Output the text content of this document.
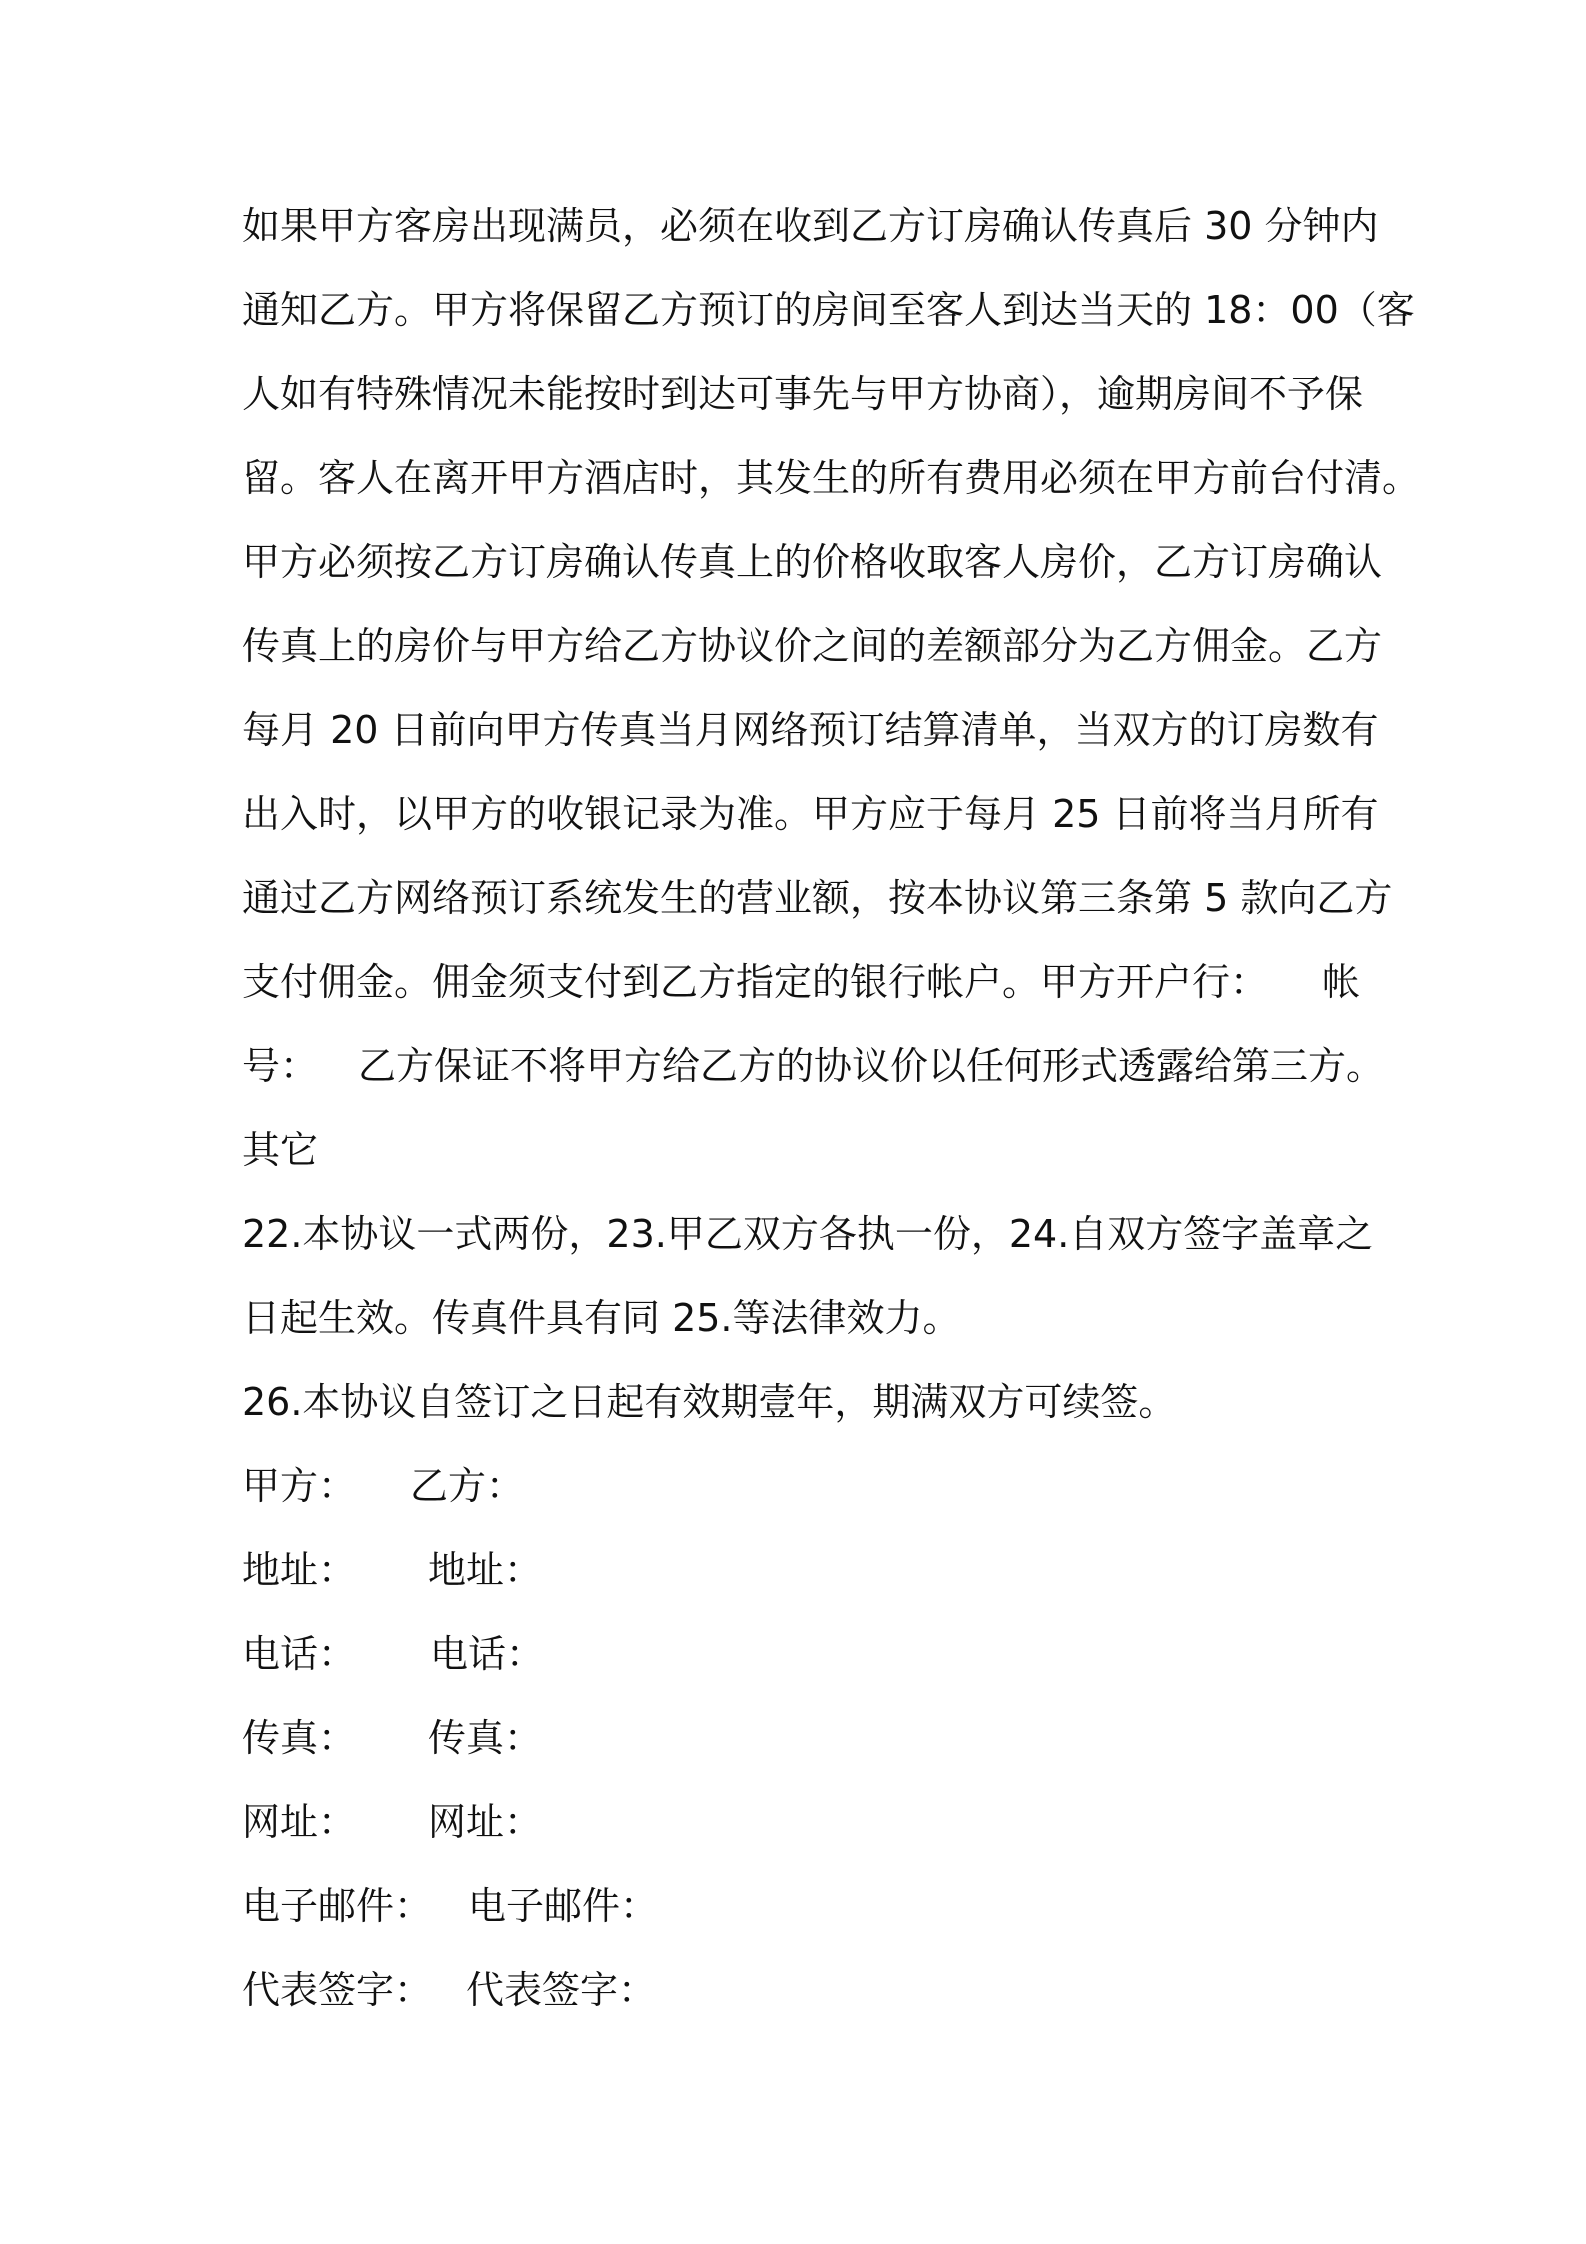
如果甲方客房出现满员，必须在收到乙方订房确认传真后 30 分钟内
通知乙方。甲方将保留乙方预订的房间至客人到达当天的 18：00（客
人如有特殊情况未能按时到达可事先与甲方协商），逾期房间不予保
留。客人在离开甲方酒店时，其发生的所有费用必须在甲方前台付清。
甲方必须按乙方订房确认传真上的价格收取客人房价，乙方订房确认
传真上的房价与甲方给乙方协议价之间的差额部分为乙方佣金。乙方
每月 20 日前向甲方传真当月网络预订结算清单，当双方的订房数有
出入时，以甲方的收银记录为准。甲方应于每月 25 日前将当月所有
通过乙方网络预订系统发生的营业额，按本协议第三条第 5 款向乙方
支付佣金。佣金须支付到乙方指定的银行帐户。甲方开户行： 帐
号： 乙方保证不将甲方给乙方的协议价以任何形式透露给第三方。
其它
22.本协议一式两份，23.甲乙双方各执一份，24.自双方签字盖章之
日起生效。传真件具有同 25.等法律效力。
26.本协议自签订之日起有效期壹年，期满双方可续签。
甲方： 乙方：
地址： 地址：
电话： 电话：
传真： 传真：
网址： 网址：
电子邮件： 电子邮件：
代表签字： 代表签字：
